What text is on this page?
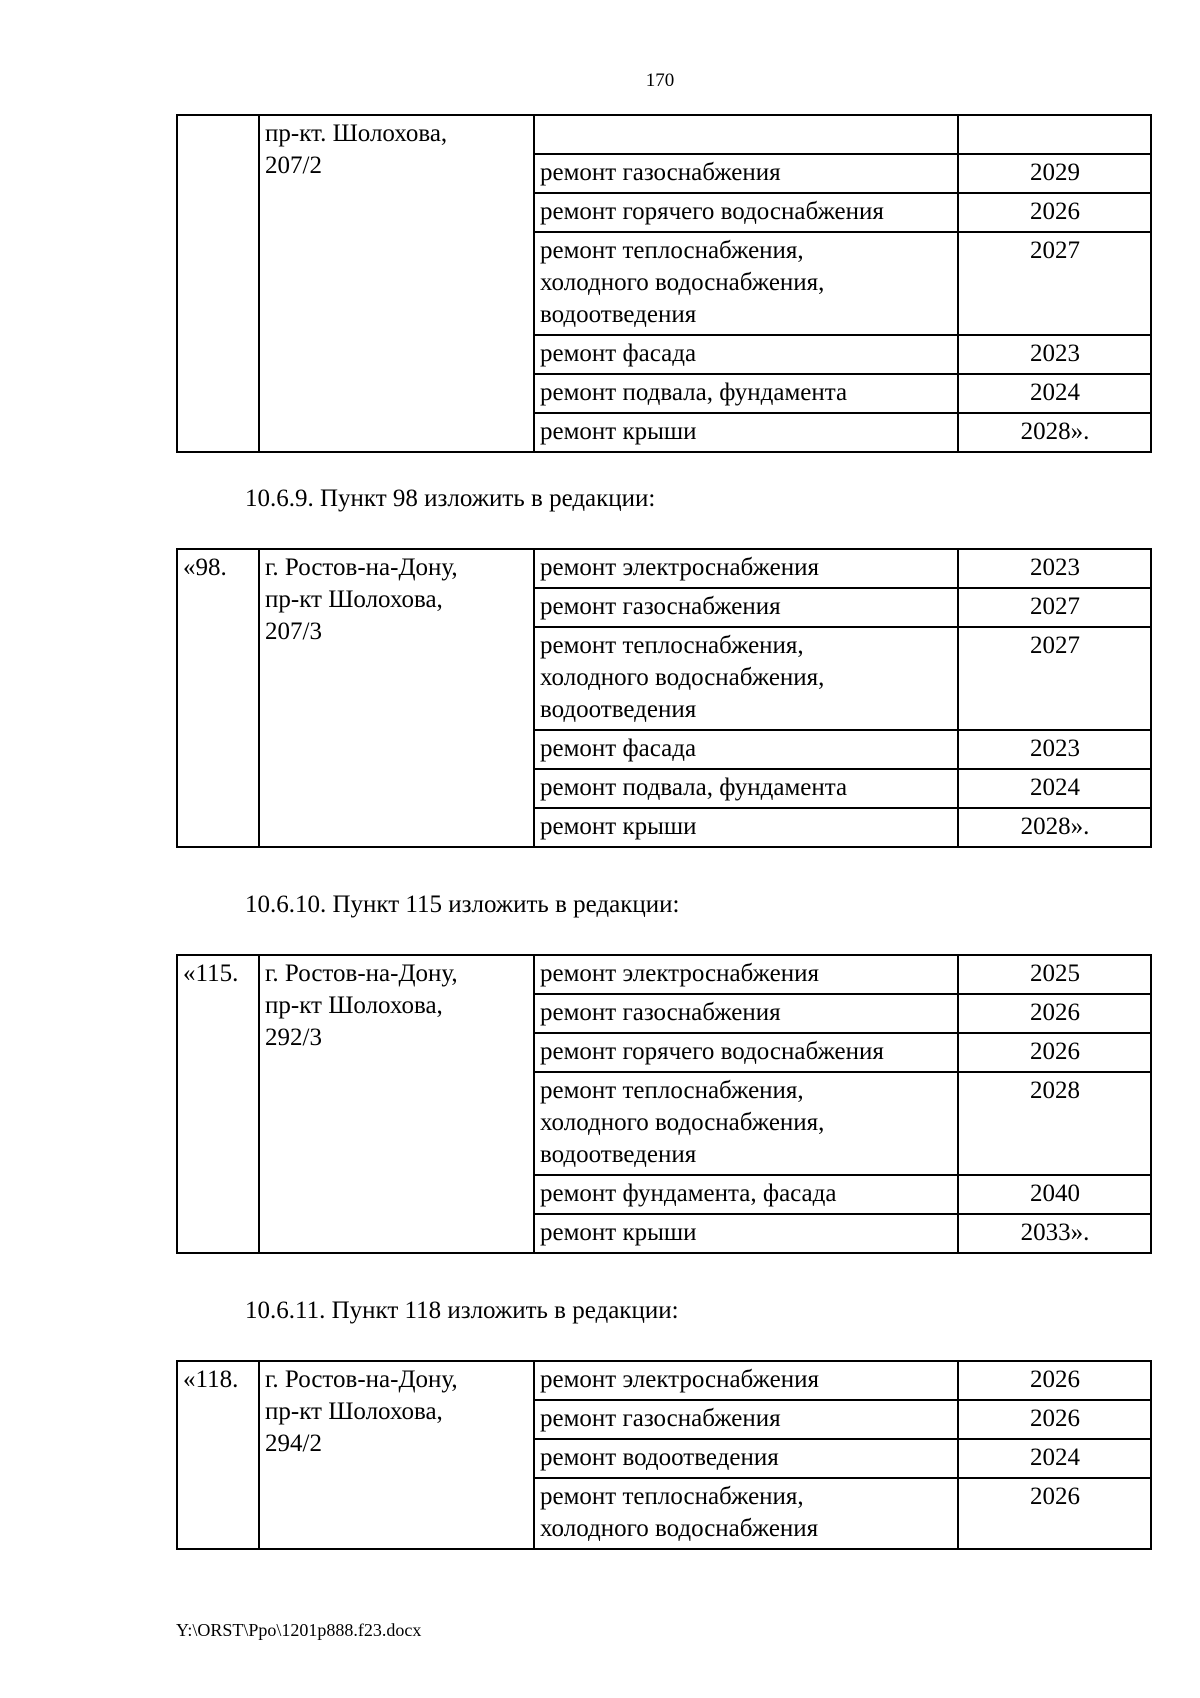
170

	пр-кт. Шолохова,
207/2		

		ремонт газоснабжения	2029

		ремонт горячего водоснабжения	2026

		ремонт теплоснабжения,
холодного водоснабжения,
водоотведения	2027

		ремонт фасада	2023

		ремонт подвала, фундамента	2024

		ремонт крыши	2028».
10.6.9. Пункт 98 изложить в редакции:
«98.	г. Ростов-на-Дону,
пр-кт Шолохова,
207/3	ремонт электроснабжения	2023

		ремонт газоснабжения	2027

		ремонт теплоснабжения,
холодного водоснабжения,
водоотведения	2027

		ремонт фасада	2023

		ремонт подвала, фундамента	2024

		ремонт крыши	2028».
10.6.10. Пункт 115 изложить в редакции:
«115.	г. Ростов-на-Дону,
пр-кт Шолохова,
292/3	ремонт электроснабжения	2025

		ремонт газоснабжения	2026

		ремонт горячего водоснабжения	2026

		ремонт теплоснабжения,
холодного водоснабжения,
водоотведения	2028

		ремонт фундамента, фасада	2040

		ремонт крыши	2033».
10.6.11. Пункт 118 изложить в редакции:
«118.	г. Ростов-на-Дону,
пр-кт Шолохова,
294/2	ремонт электроснабжения	2026

		ремонт газоснабжения	2026

		ремонт водоотведения	2024

		ремонт теплоснабжения,
холодного водоснабжения	2026
Y:\ORST\Ppo\1201p888.f23.docx
